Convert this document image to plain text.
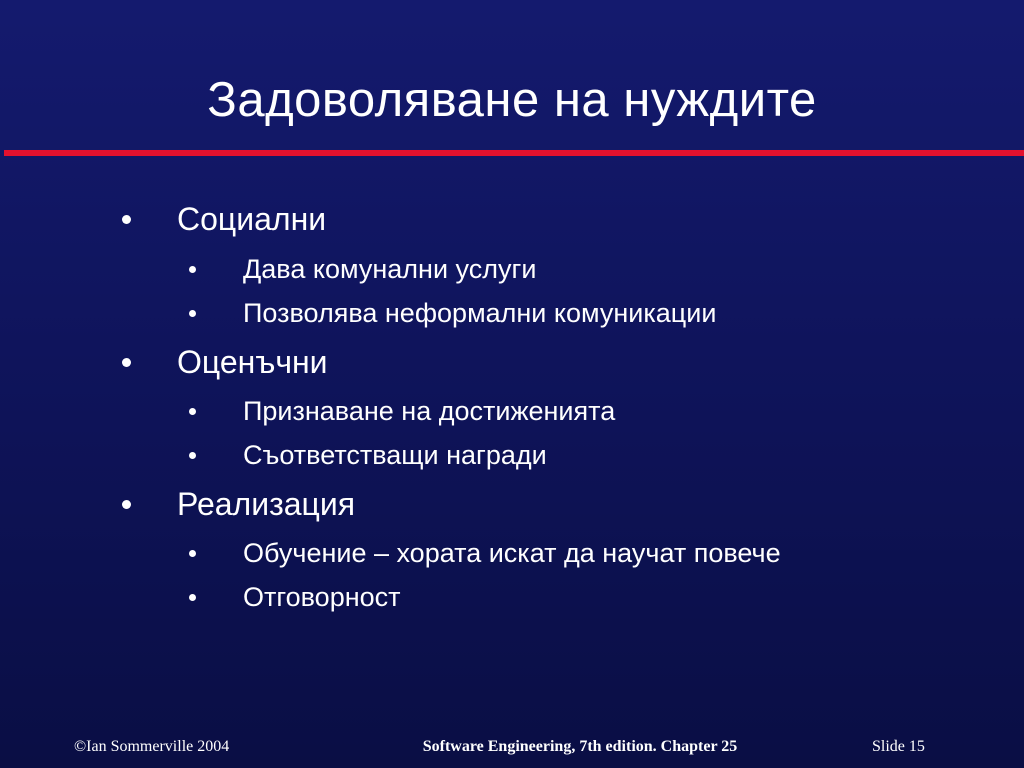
Задоволяване на нуждите
Социални
Дава комунални услуги
Позволява неформални комуникации
Оценъчни
Признаване на достиженията
Съответстващи награди
Реализация
Обучение – хората искат да научат повече
Отговорност
©Ian Sommerville 2004	Software Engineering, 7th edition. Chapter 25	Slide 15
